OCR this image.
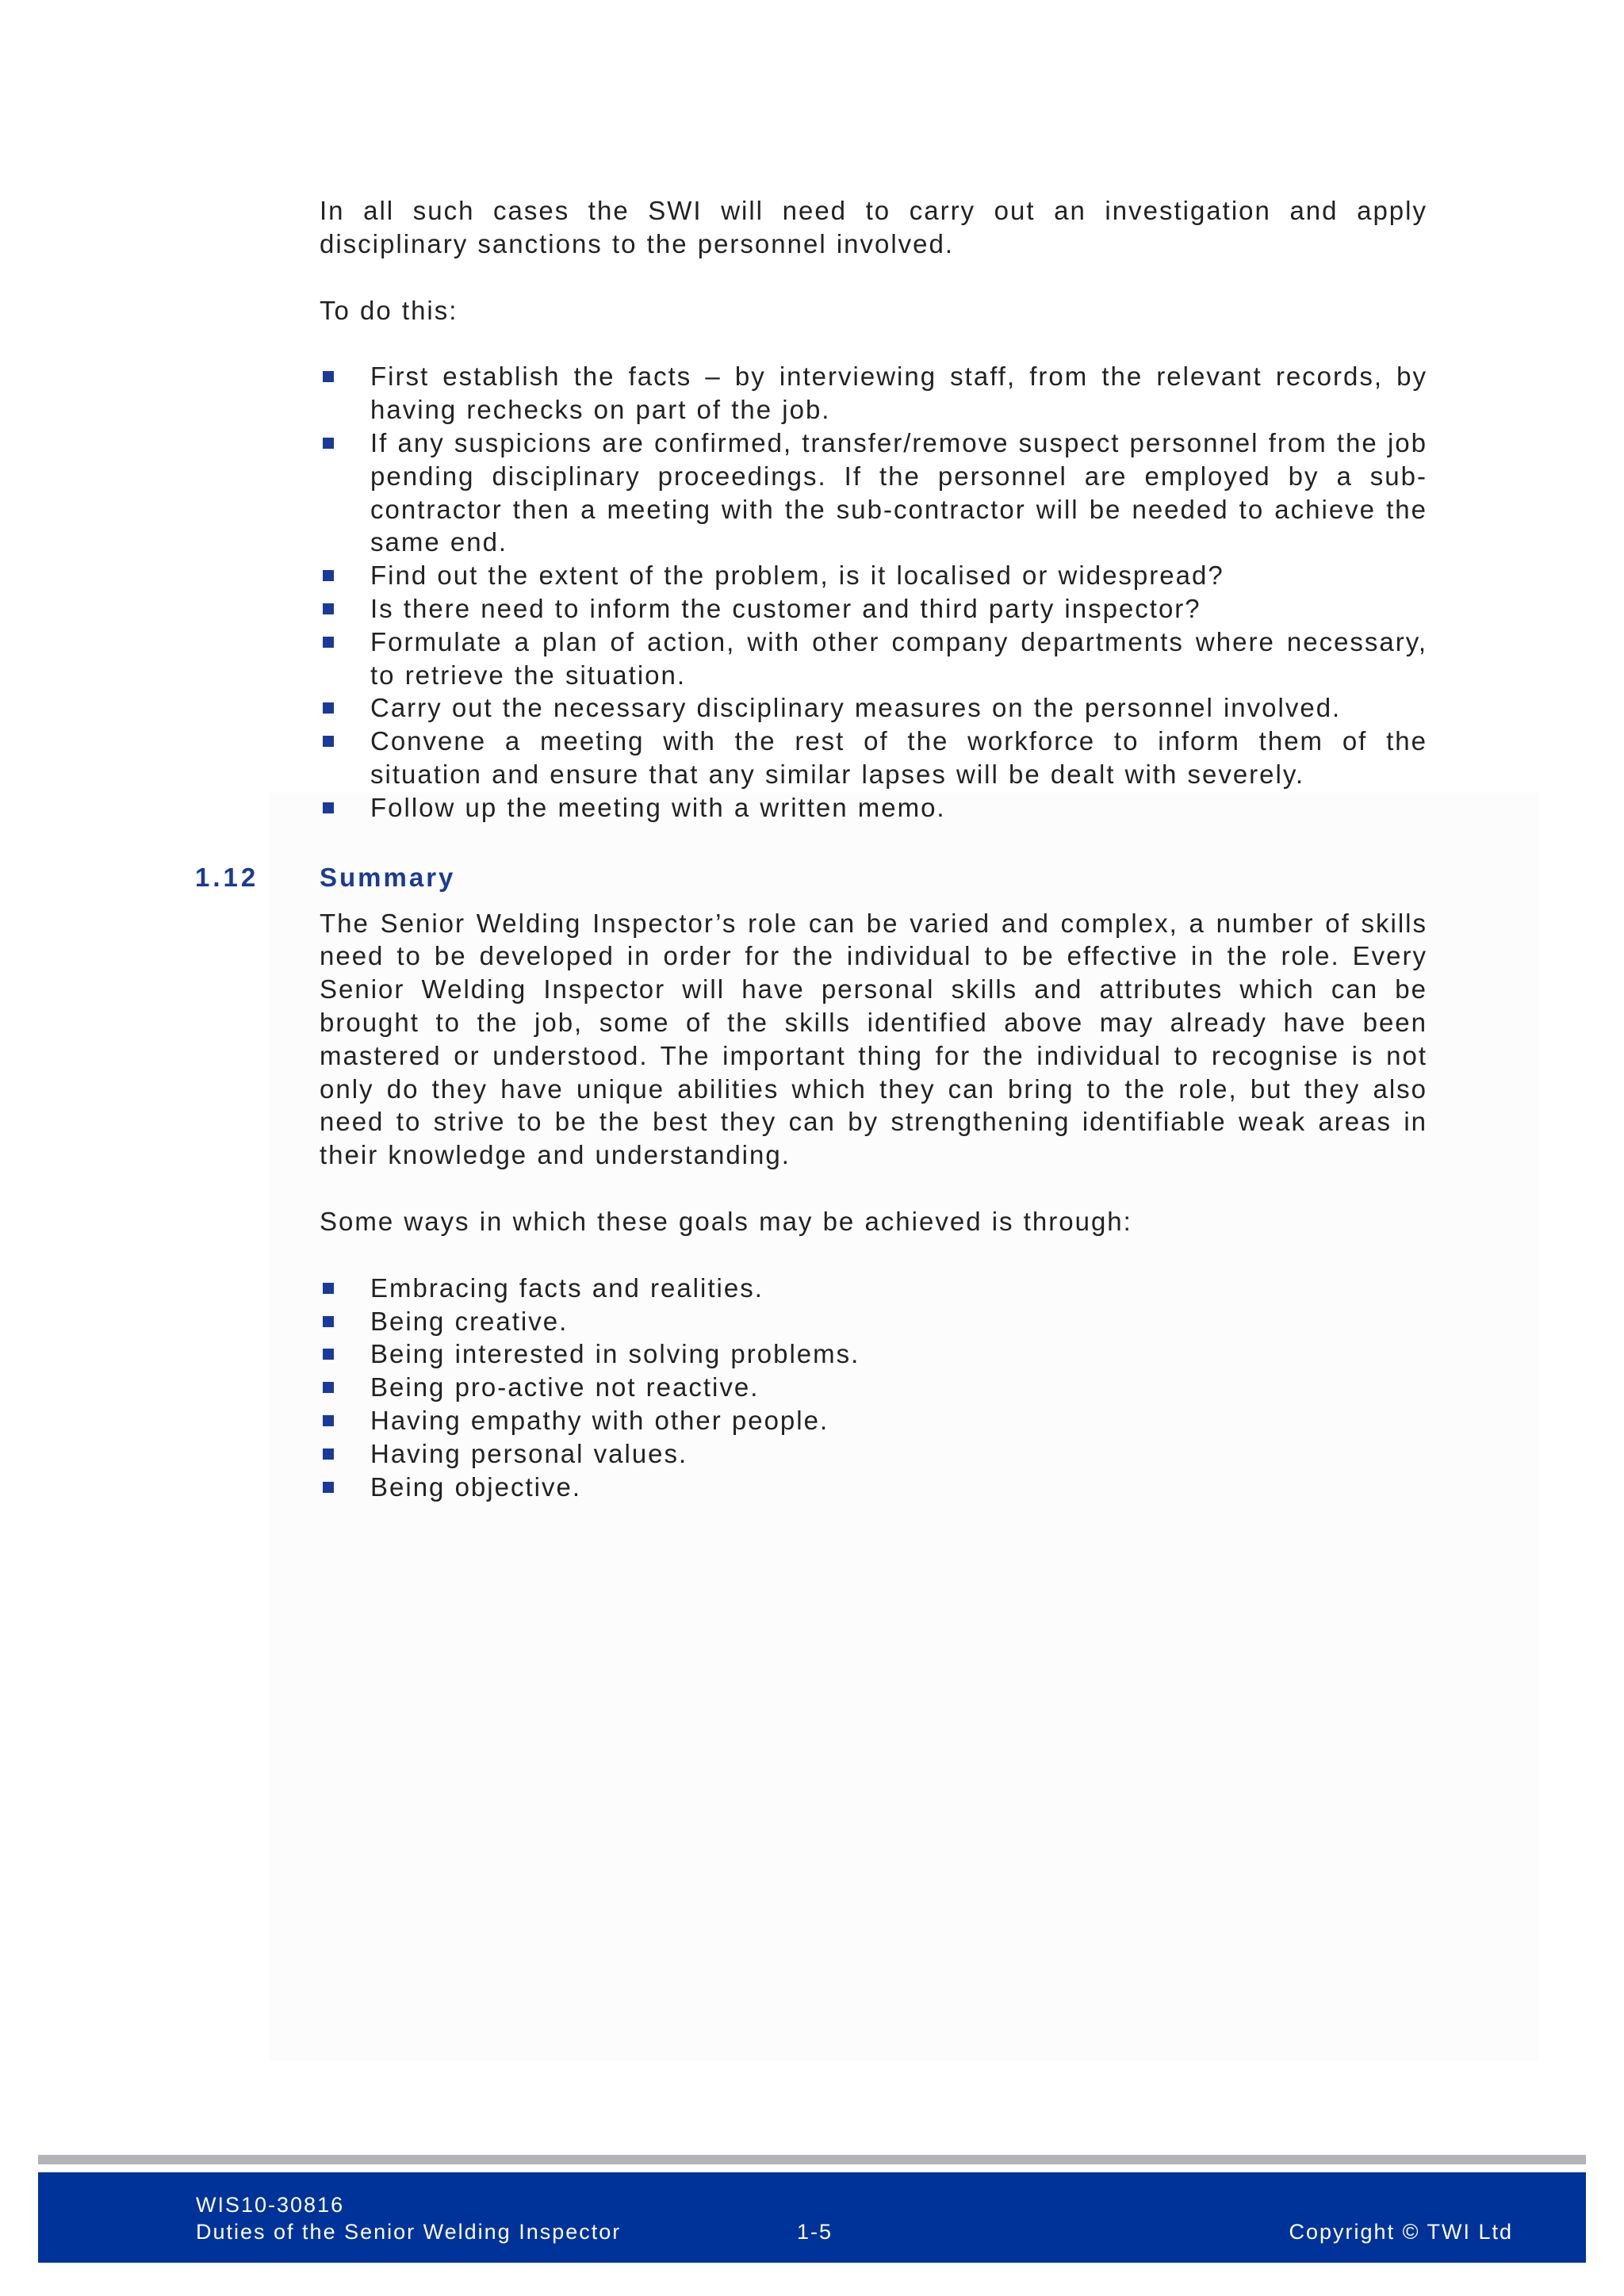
In all such cases the SWI will need to carry out an investigation and apply disciplinary sanctions to the personnel involved.

To do this:

First establish the facts – by interviewing staff, from the relevant records, by having rechecks on part of the job.
If any suspicions are confirmed, transfer/remove suspect personnel from the job pending disciplinary proceedings. If the personnel are employed by a sub-contractor then a meeting with the sub-contractor will be needed to achieve the same end.
Find out the extent of the problem, is it localised or widespread?
Is there need to inform the customer and third party inspector?
Formulate a plan of action, with other company departments where necessary, to retrieve the situation.
Carry out the necessary disciplinary measures on the personnel involved.
Convene a meeting with the rest of the workforce to inform them of the situation and ensure that any similar lapses will be dealt with severely.
Follow up the meeting with a written memo.
1.12 Summary

The Senior Welding Inspector’s role can be varied and complex, a number of skills need to be developed in order for the individual to be effective in the role. Every Senior Welding Inspector will have personal skills and attributes which can be brought to the job, some of the skills identified above may already have been mastered or understood. The important thing for the individual to recognise is not only do they have unique abilities which they can bring to the role, but they also need to strive to be the best they can by strengthening identifiable weak areas in their knowledge and understanding.

Some ways in which these goals may be achieved is through:

Embracing facts and realities.
Being creative.
Being interested in solving problems.
Being pro-active not reactive.
Having empathy with other people.
Having personal values.
Being objective.
WIS10-30816
Duties of the Senior Welding Inspector	1-5	Copyright © TWI Ltd
